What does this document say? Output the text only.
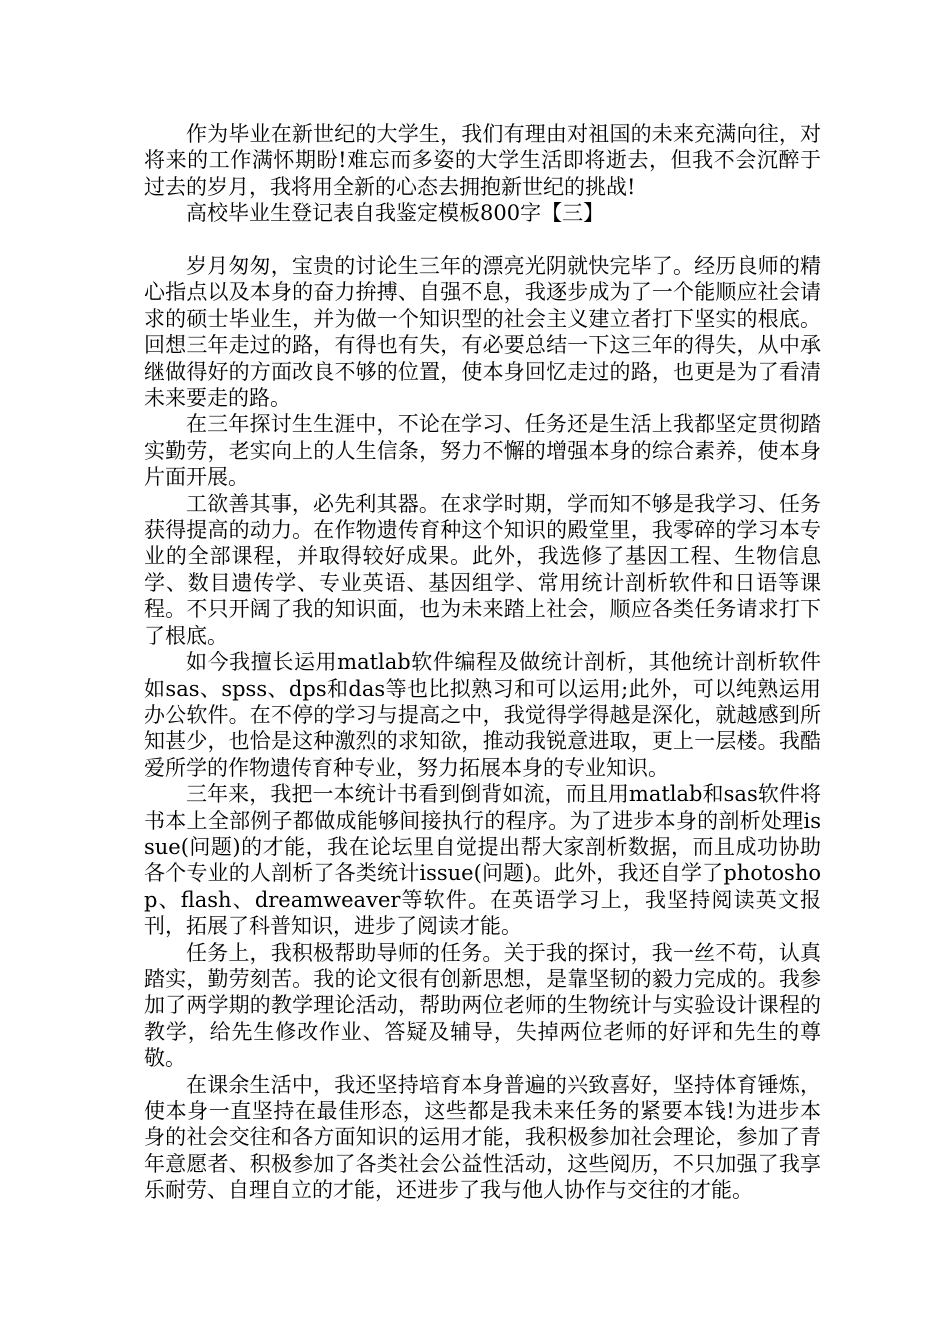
作为毕业在新世纪的大学生，我们有理由对祖国的未来充满向往，对将来的工作满怀期盼!难忘而多姿的大学生活即将逝去，但我不会沉醉于过去的岁月，我将用全新的心态去拥抱新世纪的挑战!

高校毕业生登记表自我鉴定模板800字【三】

岁月匆匆，宝贵的讨论生三年的漂亮光阴就快完毕了。经历良师的精心指点以及本身的奋力拚搏、自强不息，我逐步成为了一个能顺应社会请求的硕士毕业生，并为做一个知识型的社会主义建立者打下坚实的根底。回想三年走过的路，有得也有失，有必要总结一下这三年的得失，从中承继做得好的方面改良不够的位置，使本身回忆走过的路，也更是为了看清未来要走的路。

在三年探讨生生涯中，不论在学习、任务还是生活上我都坚定贯彻踏实勤劳，老实向上的人生信条，努力不懈的增强本身的综合素养，使本身片面开展。

工欲善其事，必先利其器。在求学时期，学而知不够是我学习、任务获得提高的动力。在作物遗传育种这个知识的殿堂里，我零碎的学习本专业的全部课程，并取得较好成果。此外，我选修了基因工程、生物信息学、数目遗传学、专业英语、基因组学、常用统计剖析软件和日语等课程。不只开阔了我的知识面，也为未来踏上社会，顺应各类任务请求打下了根底。

如今我擅长运用matlab软件编程及做统计剖析，其他统计剖析软件如sas、spss、dps和das等也比拟熟习和可以运用;此外，可以纯熟运用办公软件。在不停的学习与提高之中，我觉得学得越是深化，就越感到所知甚少，也恰是这种激烈的求知欲，推动我锐意进取，更上一层楼。我酷爱所学的作物遗传育种专业，努力拓展本身的专业知识。

三年来，我把一本统计书看到倒背如流，而且用matlab和sas软件将书本上全部例子都做成能够间接执行的程序。为了进步本身的剖析处理issue(问题)的才能，我在论坛里自觉提出帮大家剖析数据，而且成功协助各个专业的人剖析了各类统计issue(问题)。此外，我还自学了photoshop、flash、dreamweaver等软件。在英语学习上，我坚持阅读英文报刊，拓展了科普知识，进步了阅读才能。

任务上，我积极帮助导师的任务。关于我的探讨，我一丝不苟，认真踏实，勤劳刻苦。我的论文很有创新思想，是靠坚韧的毅力完成的。我参加了两学期的教学理论活动，帮助两位老师的生物统计与实验设计课程的教学，给先生修改作业、答疑及辅导，失掉两位老师的好评和先生的尊敬。

在课余生活中，我还坚持培育本身普遍的兴致喜好，坚持体育锤炼，使本身一直坚持在最佳形态，这些都是我未来任务的紧要本钱!为进步本身的社会交往和各方面知识的运用才能，我积极参加社会理论，参加了青年意愿者、积极参加了各类社会公益性活动，这些阅历，不只加强了我享乐耐劳、自理自立的才能，还进步了我与他人协作与交往的才能。
